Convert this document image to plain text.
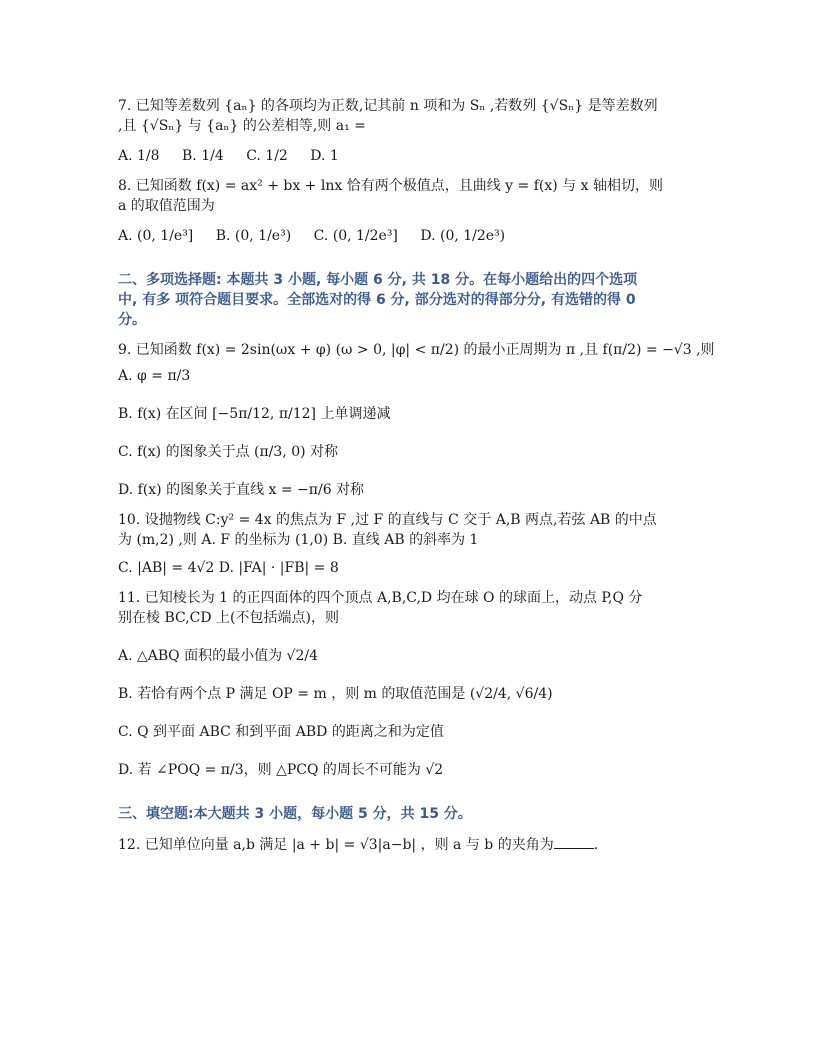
7. 已知等差数列 {aₙ} 的各项均为正数,记其前 n 项和为 Sₙ ,若数列 {√Sₙ} 是等差数列
,且 {√Sₙ} 与 {aₙ} 的公差相等,则 a₁ =
A. 1/8 B. 1/4 C. 1/2 D. 1
8. 已知函数 f(x) = ax² + bx + lnx 恰有两个极值点，且曲线 y = f(x) 与 x 轴相切，则
a 的取值范围为
A. (0, 1/e³] B. (0, 1/e³) C. (0, 1/2e³] D. (0, 1/2e³)
二、多项选择题: 本题共 3 小题, 每小题 6 分, 共 18 分。在每小题给出的四个选项
中, 有多 项符合题目要求。全部选对的得 6 分, 部分选对的得部分分, 有选错的得 0
分。
9. 已知函数 f(x) = 2sin(ωx + φ) (ω > 0, |φ| < π/2) 的最小正周期为 π ,且 f(π/2) = −√3 ,则
A. φ = π/3
B. f(x) 在区间 [−5π/12, π/12] 上单调递减
C. f(x) 的图象关于点 (π/3, 0) 对称
D. f(x) 的图象关于直线 x = −π/6 对称
10. 设抛物线 C:y² = 4x 的焦点为 F ,过 F 的直线与 C 交于 A,B 两点,若弦 AB 的中点
为 (m,2) ,则 A. F 的坐标为 (1,0) B. 直线 AB 的斜率为 1
C. |AB| = 4√2 D. |FA| · |FB| = 8
11. 已知棱长为 1 的正四面体的四个顶点 A,B,C,D 均在球 O 的球面上，动点 P,Q 分
别在棱 BC,CD 上(不包括端点)，则
A. △ABQ 面积的最小值为 √2/4
B. 若恰有两个点 P 满足 OP = m ，则 m 的取值范围是 (√2/4, √6/4)
C. Q 到平面 ABC 和到平面 ABD 的距离之和为定值
D. 若 ∠POQ = π/3，则 △PCQ 的周长不可能为 √2
三、填空题:本大题共 3 小题，每小题 5 分，共 15 分。
12. 已知单位向量 a,b 满足 |a + b| = √3|a−b| ，则 a 与 b 的夹角为	.
